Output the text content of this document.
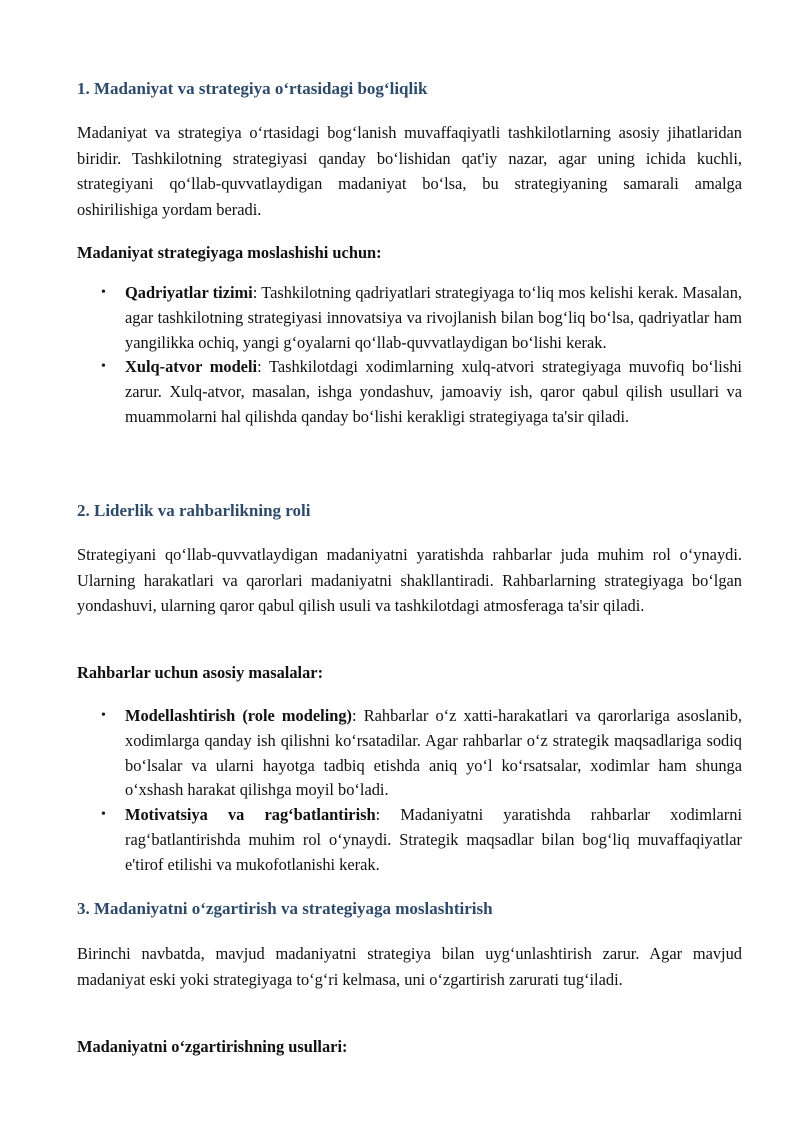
1. Madaniyat va strategiya oʻrtasidagi bogʻliqlik

Madaniyat va strategiya oʻrtasidagi bogʻlanish muvaffaqiyatli tashkilotlarning asosiy jihatlaridan biridir. Tashkilotning strategiyasi qanday boʻlishidan qat'iy nazar, agar uning ichida kuchli, strategiyani qoʻllab-quvvatlaydigan madaniyat boʻlsa, bu strategiyaning samarali amalga oshirilishiga yordam beradi.

Madaniyat strategiyaga moslashishi uchun:

• Qadriyatlar tizimi: Tashkilotning qadriyatlari strategiyaga toʻliq mos kelishi kerak. Masalan, agar tashkilotning strategiyasi innovatsiya va rivojlanish bilan bogʻliq boʻlsa, qadriyatlar ham yangilikka ochiq, yangi gʻoyalarni qoʻllab-quvvatlaydigan boʻlishi kerak.
• Xulq-atvor modeli: Tashkilotdagi xodimlarning xulq-atvori strategiyaga muvofiq boʻlishi zarur. Xulq-atvor, masalan, ishga yondashuv, jamoaviy ish, qaror qabul qilish usullari va muammolarni hal qilishda qanday boʻlishi kerakligi strategiyaga ta'sir qiladi.
2. Liderlik va rahbarlikning roli

Strategiyani qoʻllab-quvvatlaydigan madaniyatni yaratishda rahbarlar juda muhim rol oʻynaydi. Ularning harakatlari va qarorlari madaniyatni shakllantiradi. Rahbarlarning strategiyaga boʻlgan yondashuvi, ularning qaror qabul qilish usuli va tashkilotdagi atmosferaga ta'sir qiladi.

Rahbarlar uchun asosiy masalalar:

• Modellashtirish (role modeling): Rahbarlar oʻz xatti-harakatlari va qarorlariga asoslanib, xodimlarga qanday ish qilishni koʻrsatadilar. Agar rahbarlar oʻz strategik maqsadlariga sodiq boʻlsalar va ularni hayotga tadbiq etishda aniq yoʻl koʻrsatsalar, xodimlar ham shunga oʻxshash harakat qilishga moyil boʻladi.
• Motivatsiya va ragʻbatlantirish: Madaniyatni yaratishda rahbarlar xodimlarni ragʻbatlantirishda muhim rol oʻynaydi. Strategik maqsadlar bilan bogʻliq muvaffaqiyatlar e'tirof etilishi va mukofotlanishi kerak.
3. Madaniyatni oʻzgartirish va strategiyaga moslashtirish

Birinchi navbatda, mavjud madaniyatni strategiya bilan uygʻunlashtirish zarur. Agar mavjud madaniyat eski yoki strategiyaga toʻgʻri kelmasa, uni oʻzgartirish zarurati tugʻiladi.

Madaniyatni oʻzgartirishning usullari:
